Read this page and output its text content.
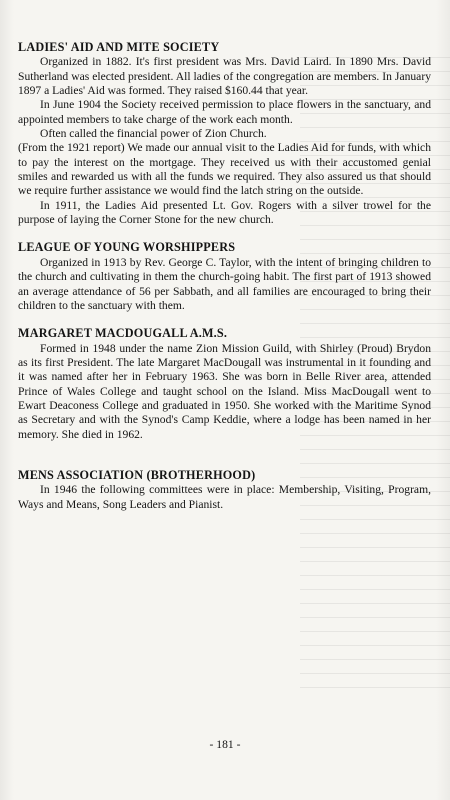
LADIES' AID AND MITE SOCIETY

Organized in 1882. It's first president was Mrs. David Laird. In 1890 Mrs. David Sutherland was elected president. All ladies of the congregation are members. In January 1897 a Ladies' Aid was formed. They raised $160.44 that year.

In June 1904 the Society received permission to place flowers in the sanctuary, and appointed members to take charge of the work each month.

Often called the financial power of Zion Church.

(From the 1921 report) We made our annual visit to the Ladies Aid for funds, with which to pay the interest on the mortgage. They received us with their accustomed genial smiles and rewarded us with all the funds we required. They also assured us that should we require further assistance we would find the latch string on the outside.

In 1911, the Ladies Aid presented Lt. Gov. Rogers with a silver trowel for the purpose of laying the Corner Stone for the new church.

LEAGUE OF YOUNG WORSHIPPERS

Organized in 1913 by Rev. George C. Taylor, with the intent of bringing children to the church and cultivating in them the church-going habit. The first part of 1913 showed an average attendance of 56 per Sabbath, and all families are encouraged to bring their children to the sanctuary with them.

MARGARET MACDOUGALL A.M.S.

Formed in 1948 under the name Zion Mission Guild, with Shirley (Proud) Brydon as its first President. The late Margaret MacDougall was instrumental in it founding and it was named after her in February 1963. She was born in Belle River area, attended Prince of Wales College and taught school on the Island. Miss MacDougall went to Ewart Deaconess College and graduated in 1950. She worked with the Maritime Synod as Secretary and with the Synod's Camp Keddie, where a lodge has been named in her memory. She died in 1962.

MENS ASSOCIATION (BROTHERHOOD)

In 1946 the following committees were in place: Membership, Visiting, Program, Ways and Means, Song Leaders and Pianist.

- 181 -
